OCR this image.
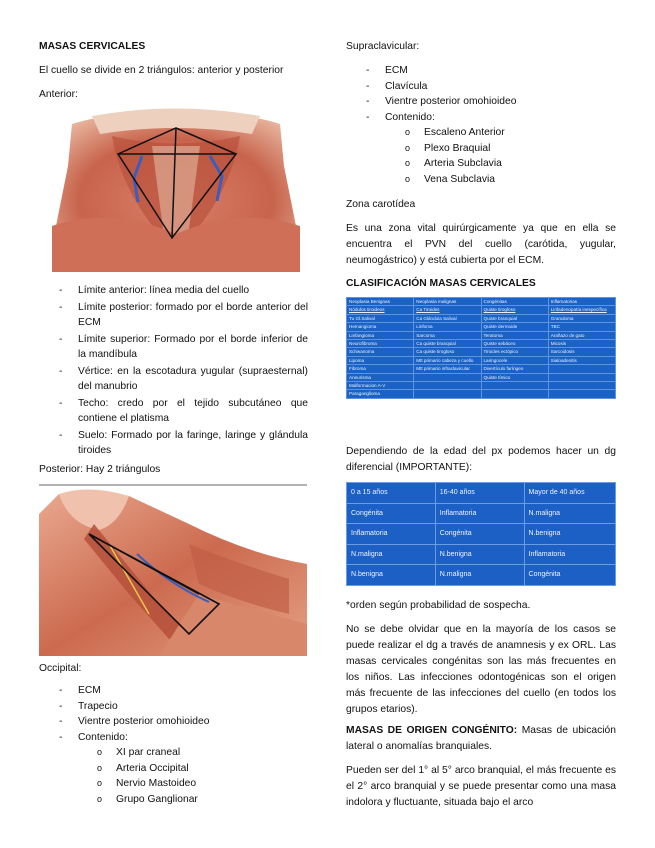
MASAS CERVICALES
El cuello se divide en 2 triángulos: anterior y posterior
Anterior:
- Límite anterior: línea media del cuello
- Límite posterior: formado por el borde anterior del ECM
- Límite superior: Formado por el borde inferior de la mandíbula
- Vértice: en la escotadura yugular (supraesternal) del manubrio
- Techo: credo por el tejido subcutáneo que contiene el platisma
- Suelo: Formado por la faringe, laringe y glándula tiroides
Posterior: Hay 2 triángulos
Occipital:
- ECM
- Trapecio
- Vientre posterior omohioideo
- Contenido:
o XI par craneal
o Arteria Occipital
o Nervio Mastoideo
o Grupo Ganglionar
Supraclavicular:
- ECM
- Clavícula
- Vientre posterior omohioideo
- Contenido:
o Escaleno Anterior
o Plexo Braquial
o Arteria Subclavia
o Vena Subclavia
Zona carotídea
Es una zona vital quirúrgicamente ya que en ella se encuentra el PVN del cuello (carótida, yugular, neumogástrico) y está cubierta por el ECM.
CLASIFICACIÓN MASAS CERVICALES
Neoplasia Benignas	Neoplasia malignas	Congénitas	Inflamatorias
Nódulos tiroideos	Ca Tiroides	Quiste tirogloso	Linfadenopatía inespecífica
Tu Gl.Salival	Ca Glándula Salival	Quiste branquial	Granuloma
Hemangioma	Linfoma	Quiste dermoide	TBC
Linfangioma	Sarcoma	Teratoma	Arañazo de gato
Neurofibroma	Ca quiste branquial	Quiste sebáceo	Micosis
Schwanoma	Ca quiste tirogloso	Tiroides ectópico	Sarcoidosis
Lipoma	Mtt primario cabeza y cuello	Laringocele	Sialoadenitis
Fibroma	Mtt primario infraclavicular	Divertículo faríngeo	
Aneurisma		Quiste tímico	
Malformacion A-V			
Paraganglioma			
Dependiendo de la edad del px podemos hacer un dg diferencial (IMPORTANTE):
0 a 15 años	16-40 años	Mayor de 40 años
Congénita	Inflamatoria	N.maligna
Inflamatoria	Congénita	N.benigna
N.maligna	N.benigna	Inflamatoria
N.benigna	N.maligna	Congénita
*orden según probabilidad de sospecha.
No se debe olvidar que en la mayoría de los casos se puede realizar el dg a través de anamnesis y ex ORL. Las masas cervicales congénitas son las más frecuentes en los niños. Las infecciones odontogénicas son el origen más frecuente de las infecciones del cuello (en todos los grupos etarios).
MASAS DE ORIGEN CONGÉNITO: Masas de ubicación lateral o anomalías branquiales.
Pueden ser del 1° al 5° arco branquial, el más frecuente es el 2° arco branquial y se puede presentar como una masa indolora y fluctuante, situada bajo el arco
